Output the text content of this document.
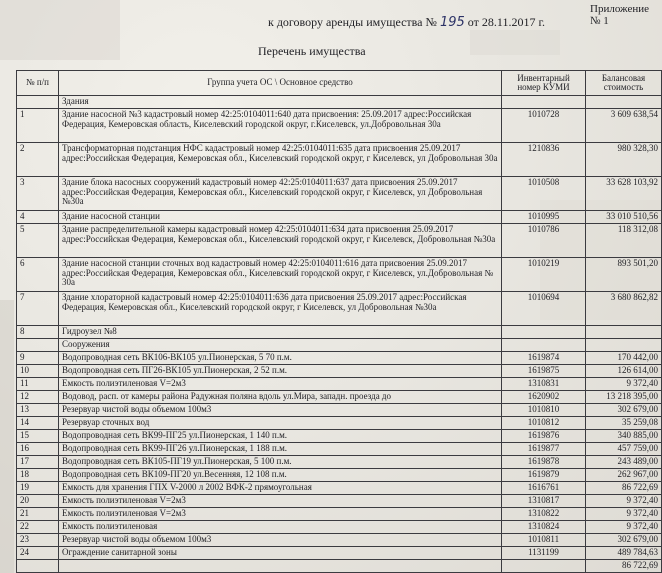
Приложение № 1
к договору аренды имущества № 195 от 28.11.2017 г.
Перечень имущества
№ п/п	Группа учета ОС \ Основное средство	Инвентарный номер КУМИ	Балансовая стоимость
	Здания		
1	Здание насосной №3 кадастровый номер 42:25:0104011:640 дата присвоения: 25.09.2017 адрес:Российская Федерация, Кемеровская область, Киселевский городской округ, г.Киселевск, ул.Добровольная 30а	1010728	3 609 638,54
2	Трансформаторная подстанция НФС кадастровый номер 42:25:0104011:635 дата присвоения 25.09.2017 адрес:Российская Федерация, Кемеровская обл., Киселевский городской округ, г Киселевск, ул Добровольная 30а	1210836	980 328,30
3	Здание блока насосных сооружений кадастровый номер 42:25:0104011:637 дата присвоения 25.09.2017 адрес:Российская Федерация, Кемеровская обл., Киселевский городской округ, г Киселевск, ул Добровольная №30а	1010508	33 628 103,92
4	Здание насосной станции	1010995	33 010 510,56
5	Здание распределительной камеры кадастровый номер 42:25:0104011:634 дата присвоения 25.09.2017 адрес:Российская Федерация, Кемеровская обл., Киселевский городской округ, г Киселевск, Добровольная №30а	1010786	118 312,08
6	Здание насосной станции сточных вод кадастровый номер 42:25:0104011:616 дата присвоения 25.09.2017 адрес:Российская Федерация, Кемеровская обл., Киселевский городской округ, г Киселевск, ул.Добровольная № 30а	1010219	893 501,20
7	Здание хлораторной кадастровый номер 42:25:0104011:636 дата присвоения 25.09.2017 адрес:Российская Федерация, Кемеровская обл., Киселевский городской округ, г Киселевск, ул Добровольная №30а	1010694	3 680 862,82
8	Гидроузел №8		
	Сооружения		
9	Водопроводная сеть ВК106-ВК105 ул.Пионерская, 5 70 п.м.	1619874	170 442,00
10	Водопроводная сеть ПГ26-ВК105 ул.Пионерская, 2 52 п.м.	1619875	126 614,00
11	Емкость полиэтиленовая V=2м3	1310831	9 372,40
12	Водовод, расп. от камеры района Радужная поляна вдоль ул.Мира, западн. проезда до	1620902	13 218 395,00
13	Резервуар чистой воды объемом 100м3	1010810	302 679,00
14	Резервуар сточных вод	1010812	35 259,08
15	Водопроводная сеть ВК99-ПГ25 ул.Пионерская, 1 140 п.м.	1619876	340 885,00
16	Водопроводная сеть ВК99-ПГ26 ул.Пионерская, 1 188 п.м.	1619877	457 759,00
17	Водопроводная сеть ВК105-ПГ19 ул.Пионерская, 5 100 п.м.	1619878	243 489,00
18	Водопроводная сеть ВК109-ПГ20 ул.Весенняя, 12 108 п.м.	1619879	262 967,00
19	Емкость для хранения ГПХ V-2000 л 2002 ВФК-2 прямоугольная	1616761	86 722,69
20	Емкость полиэтиленовая V=2м3	1310817	9 372,40
21	Емкость полиэтиленовая V=2м3	1310822	9 372,40
22	Емкость полиэтиленовая	1310824	9 372,40
23	Резервуар чистой воды объемом 100м3	1010811	302 679,00
24	Ограждение санитарной зоны	1131199	489 784,63
			86 722,69
